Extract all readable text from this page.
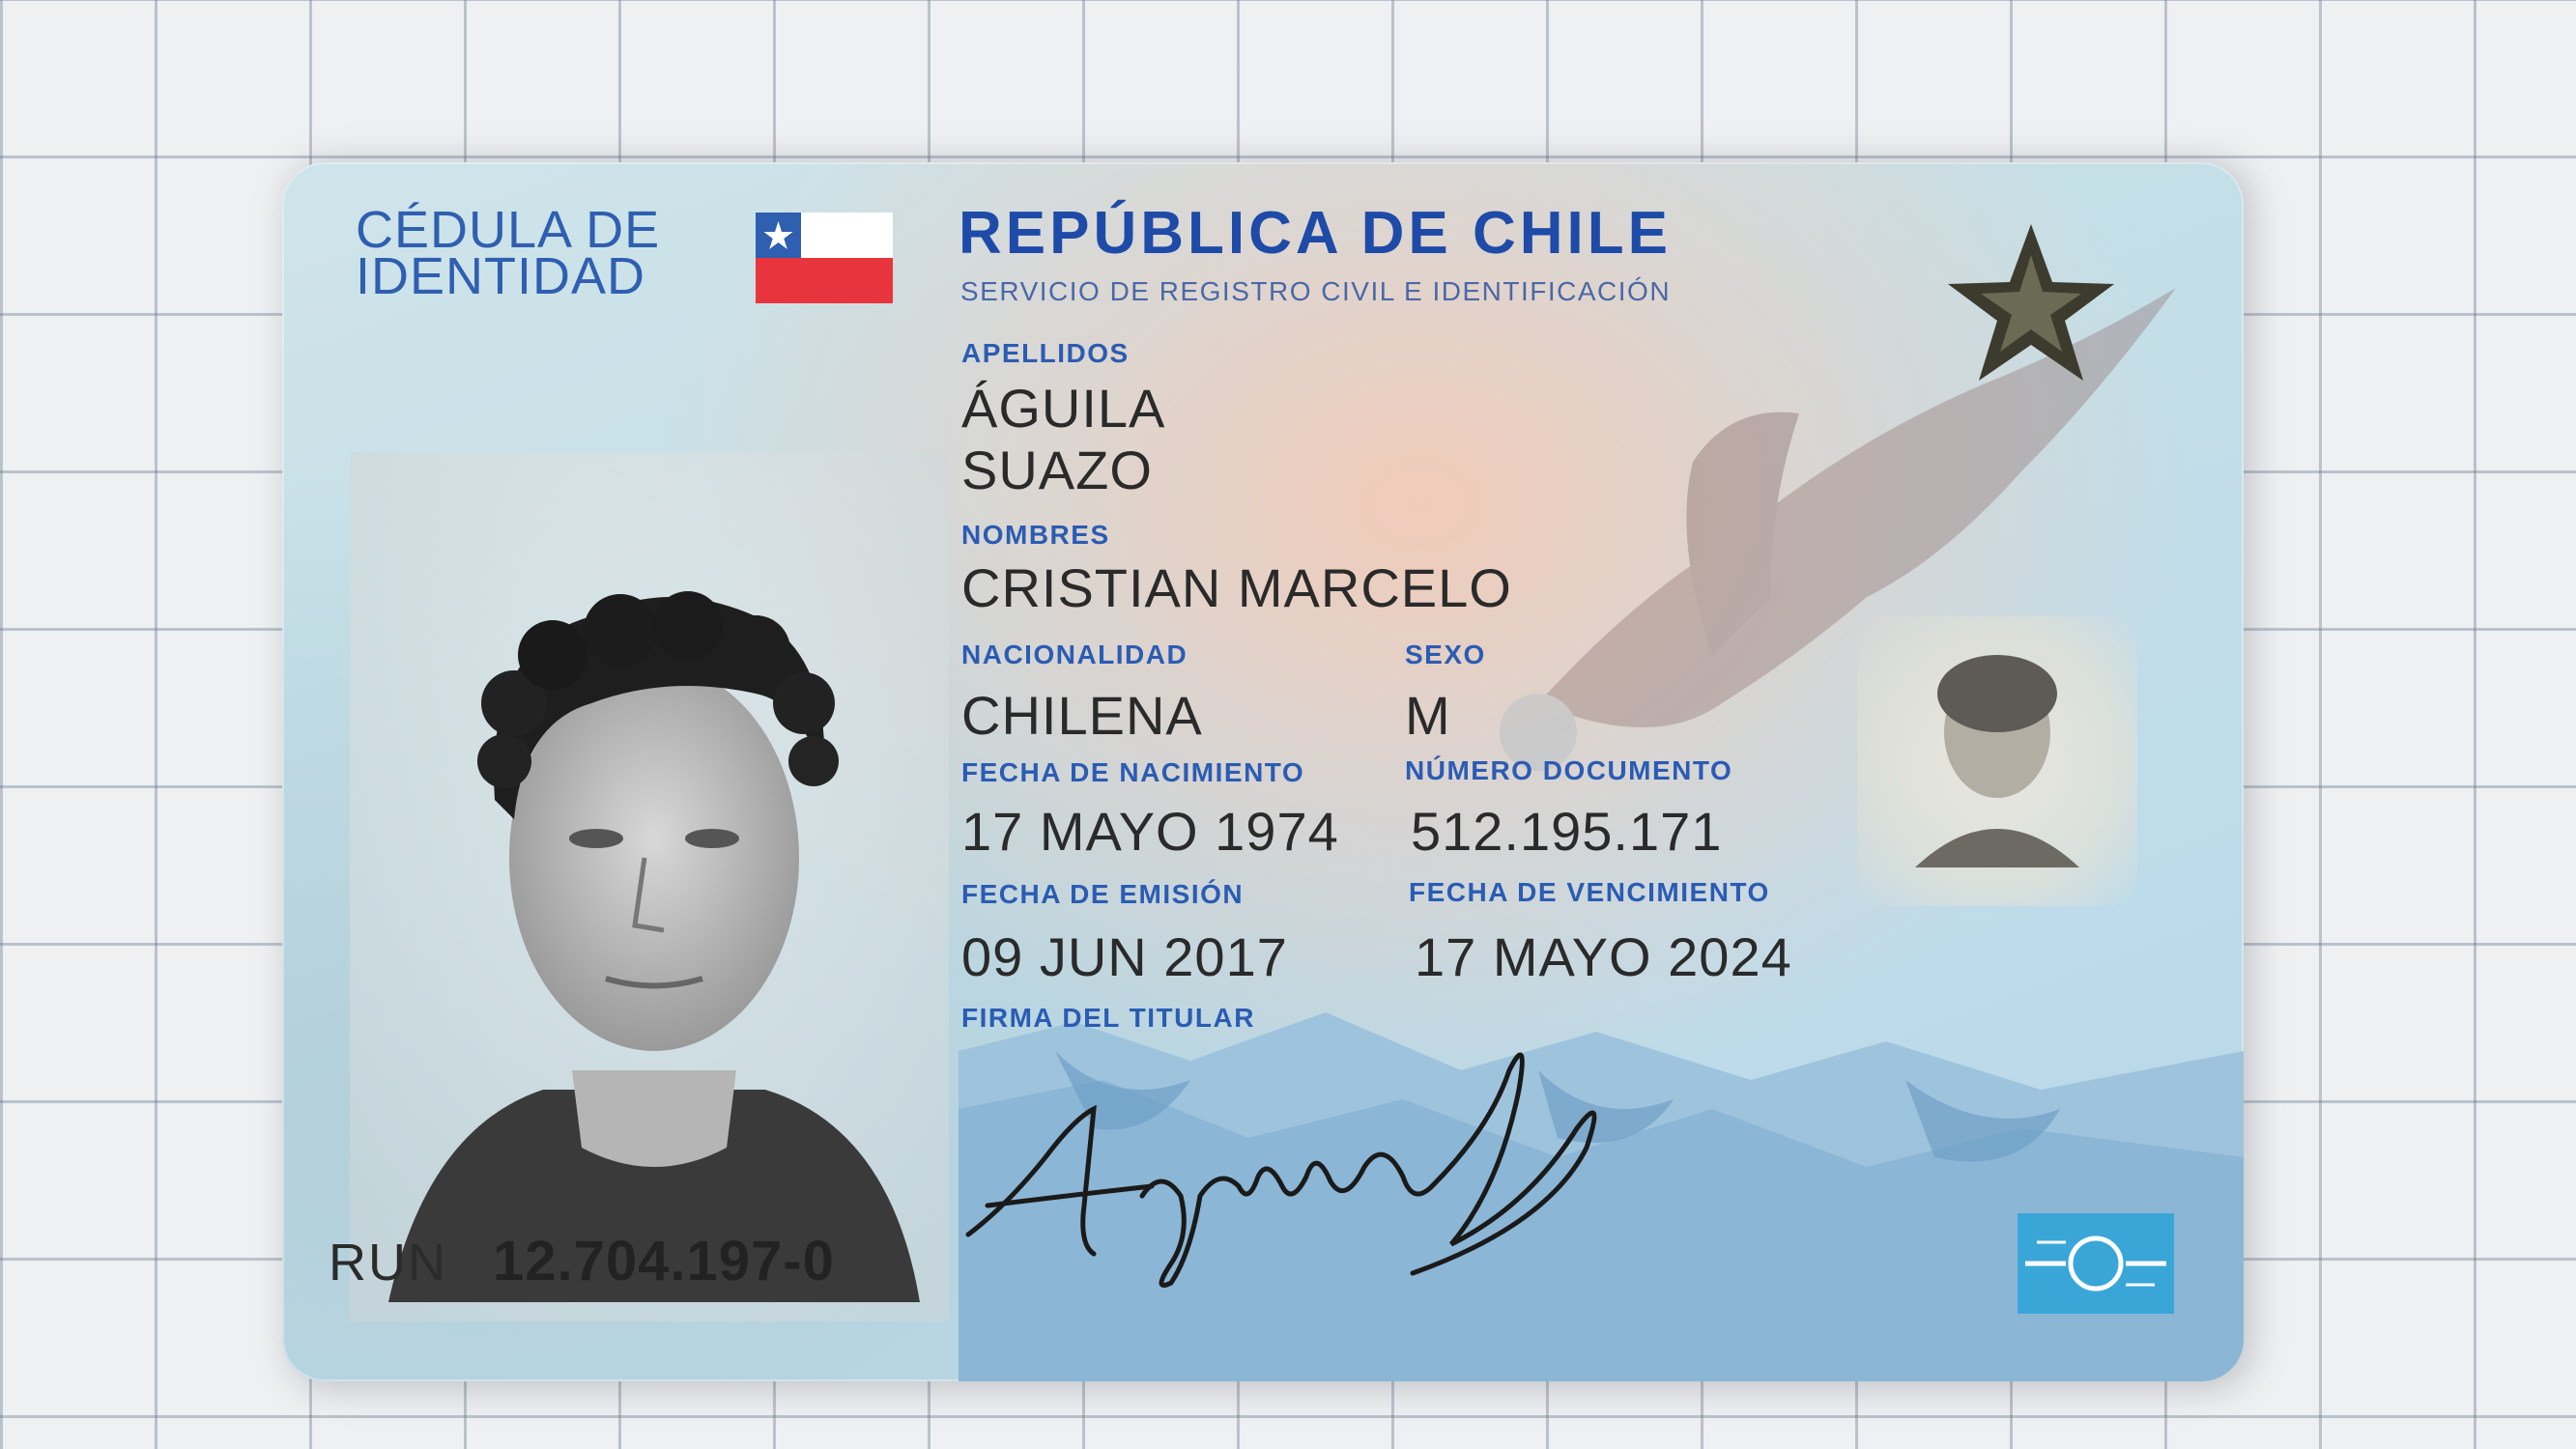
CÉDULA DE
IDENTIDAD
REPÚBLICA DE CHILE
SERVICIO DE REGISTRO CIVIL E IDENTIFICACIÓN
APELLIDOS
ÁGUILA
SUAZO
NOMBRES
CRISTIAN MARCELO
NACIONALIDAD
CHILENA
SEXO
M
FECHA DE NACIMIENTO
17 MAYO 1974
NÚMERO DOCUMENTO
512.195.171
FECHA DE EMISIÓN
09 JUN 2017
FECHA DE VENCIMIENTO
17 MAYO 2024
FIRMA DEL TITULAR
RUN 12.704.197-0
